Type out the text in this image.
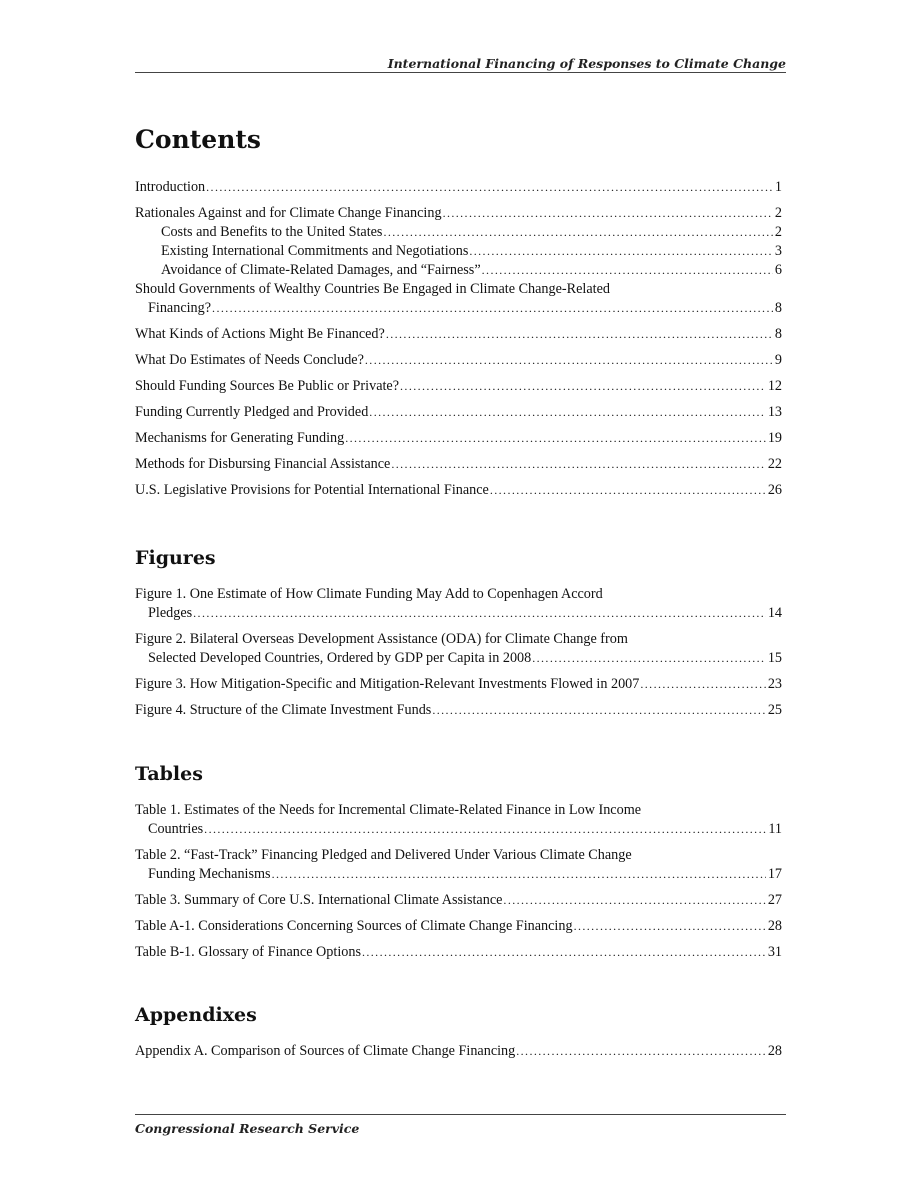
International Financing of Responses to Climate Change
Contents
Introduction .....	1
Rationales Against and for Climate Change Financing .....	2
Costs and Benefits to the United States .....	2
Existing International Commitments and Negotiations .....	3
Avoidance of Climate-Related Damages, and “Fairness” .....	6
Should Governments of Wealthy Countries Be Engaged in Climate Change-Related
Financing? .....	8
What Kinds of Actions Might Be Financed? .....	8
What Do Estimates of Needs Conclude? .....	9
Should Funding Sources Be Public or Private? .....	12
Funding Currently Pledged and Provided .....	13
Mechanisms for Generating Funding .....	19
Methods for Disbursing Financial Assistance .....	22
U.S. Legislative Provisions for Potential International Finance .....	26
Figures
Figure 1. One Estimate of How Climate Funding May Add to Copenhagen Accord
Pledges .....	14
Figure 2. Bilateral Overseas Development Assistance (ODA) for Climate Change from
Selected Developed Countries, Ordered by GDP per Capita in 2008 .....	15
Figure 3. How Mitigation-Specific and Mitigation-Relevant Investments Flowed in 2007 .....	23
Figure 4. Structure of the Climate Investment Funds .....	25
Tables
Table 1. Estimates of the Needs for Incremental Climate-Related Finance in Low Income
Countries .....	11
Table 2. “Fast-Track” Financing Pledged and Delivered Under Various Climate Change
Funding Mechanisms .....	17
Table 3. Summary of Core U.S. International Climate Assistance .....	27
Table A-1. Considerations Concerning Sources of Climate Change Financing .....	28
Table B-1. Glossary of Finance Options .....	31
Appendixes
Appendix A. Comparison of Sources of Climate Change Financing .....	28
Congressional Research Service
